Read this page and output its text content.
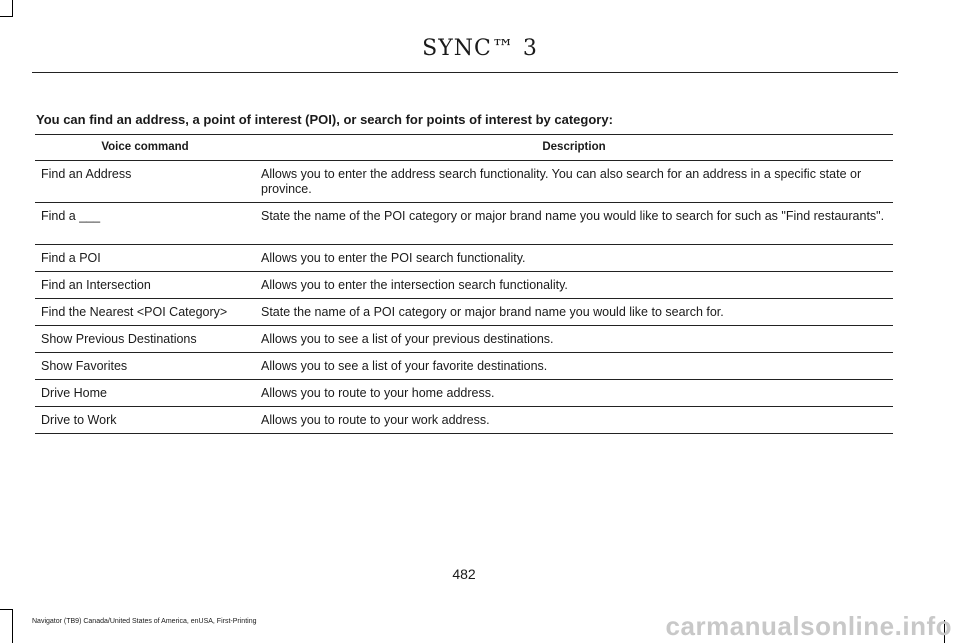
SYNC™ 3
You can find an address, a point of interest (POI), or search for points of interest by category:
Voice command	Description
Find an Address	Allows you to enter the address search functionality. You can also search for an address in a specific state or province.
Find a ___	State the name of the POI category or major brand name you would like to search for such as "Find restaurants".
Find a POI	Allows you to enter the POI search functionality.
Find an Intersection	Allows you to enter the intersection search functionality.
Find the Nearest <POI Category>	State the name of a POI category or major brand name you would like to search for.
Show Previous Destinations	Allows you to see a list of your previous destinations.
Show Favorites	Allows you to see a list of your favorite destinations.
Drive Home	Allows you to route to your home address.
Drive to Work	Allows you to route to your work address.
482
Navigator (TB9) Canada/United States of America, enUSA, First-Printing	carmanualsonline.info
